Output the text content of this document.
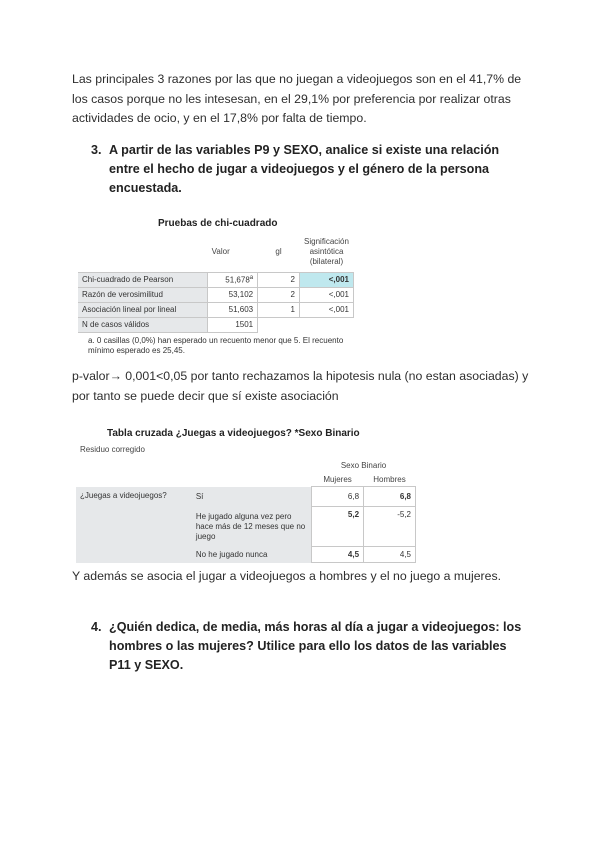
Las principales 3 razones por las que no juegan a videojuegos son en el 41,7% de los casos porque no les intesesan, en el 29,1% por preferencia por realizar otras actividades de ocio, y en el 17,8% por falta de tiempo.

3. A partir de las variables P9 y SEXO, analice si existe una relación entre el hecho de jugar a videojuegos y el género de la persona encuestada.
Pruebas de chi-cuadrado
	Valor	gl	Significación asintótica (bilateral)
Chi-cuadrado de Pearson	51,678$^a$	2	<,001
Razón de verosimilitud	53,102	2	<,001
Asociación lineal por lineal	51,603	1	<,001
N de casos válidos	1501		
a. 0 casillas (0,0%) han esperado un recuento menor que 5. El recuento mínimo esperado es 25,45.

p-valor→ 0,001<0,05 por tanto rechazamos la hipotesis nula (no estan asociadas) y por tanto se puede decir que sí existe asociación

Tabla cruzada ¿Juegas a videojuegos? *Sexo Binario
Residuo corregido
		Sexo Binario	
		Mujeres	Hombres
¿Juegas a videojuegos?	Sí	6,8	6,8
	He jugado alguna vez pero hace más de 12 meses que no juego	5,2	-5,2
	No he jugado nunca	4,5	4,5

Y además se asocia el jugar a videojuegos a hombres y el no juego a mujeres.

4. ¿Quién dedica, de media, más horas al día a jugar a videojuegos: los hombres o las mujeres? Utilice para ello los datos de las variables P11 y SEXO.
